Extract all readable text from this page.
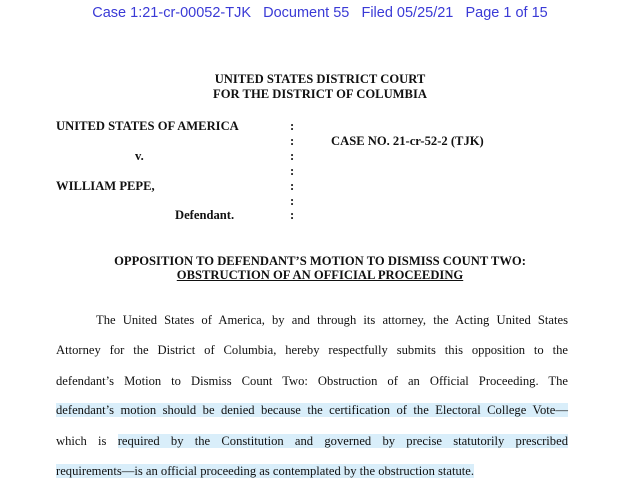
Case 1:21-cr-00052-TJK Document 55 Filed 05/25/21 Page 1 of 15
UNITED STATES DISTRICT COURT
FOR THE DISTRICT OF COLUMBIA
UNITED STATES OF AMERICA
v.
WILLIAM PEPE,
Defendant.
CASE NO. 21-cr-52-2 (TJK)
:
:
:
:
:
:
:
OPPOSITION TO DEFENDANT’S MOTION TO DISMISS COUNT TWO:
OBSTRUCTION OF AN OFFICIAL PROCEEDING
The United States of America, by and through its attorney, the Acting United States
Attorney for the District of Columbia, hereby respectfully submits this opposition to the
defendant’s Motion to Dismiss Count Two: Obstruction of an Official Proceeding. The
defendant’s motion should be denied because the certification of the Electoral College Vote—
which is required by the Constitution and governed by precise statutorily prescribed
requirements—is an official proceeding as contemplated by the obstruction statute.
